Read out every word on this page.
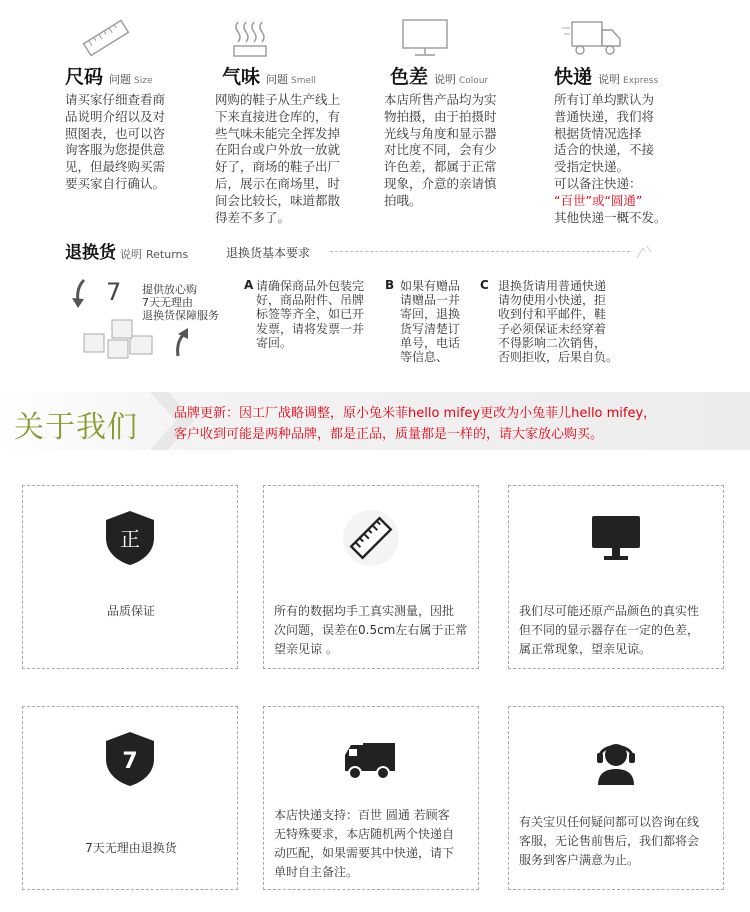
尺码 问题 Size
请买家仔细查看商
品说明介绍以及对
照图表，也可以咨
询客服为您提供意
见，但最终购买需
要买家自行确认。
气味 问题 Smell
网购的鞋子从生产线上
下来直接进仓库的，有
些气味未能完全挥发掉
在阳台或户外放一放就
好了，商场的鞋子出厂
后，展示在商场里，时
间会比较长，味道都散
得差不多了。
色差 说明 Colour
本店所售产品均为实
物拍摄，由于拍摄时
光线与角度和显示器
对比度不同，会有少
许色差，都属于正常
现象，介意的亲请慎
拍哦。
快递 说明 Express
所有订单均默认为
普通快递，我们将
根据货情况选择
适合的快递，不接
受指定快递。
可以备注快递：
“百世”或“圆通”
其他快递一概不发。
退换货 说明 Returns	退换货基本要求
7 提供放心购
7天无理由
退换货保障服务
A 请确保商品外包装完
好，商品附件、吊牌
标签等齐全，如已开
发票，请将发票一并
寄回。
B 如果有赠品
请赠品一并
寄回，退换
货写清楚订
单号，电话
等信息、
C 退换货请用普通快递
请勿使用小快递，拒
收到付和平邮件，鞋
子必须保证未经穿着
不得影响二次销售，
否则拒收，后果自负。
关于我们	品牌更新：因工厂战略调整，原小兔米菲hello mifey更改为小兔菲儿hello mifey，
客户收到可能是两种品牌，都是正品，质量都是一样的，请大家放心购买。
正
品质保证	所有的数据均手工真实测量，因批
次问题，误差在0.5cm左右属于正常
望亲见谅 。
我们尽可能还原产品颜色的真实性
但不同的显示器存在一定的色差，
属正常现象，望亲见谅。
7
7天无理由退换货
本店快递支持：百世 圆通 若顾客
无特殊要求，本店随机两个快递自
动匹配，如果需要其中快递，请下
单时自主备注。
有关宝贝任何疑问都可以咨询在线
客服，无论售前售后，我们都将会
服务到客户满意为止。
